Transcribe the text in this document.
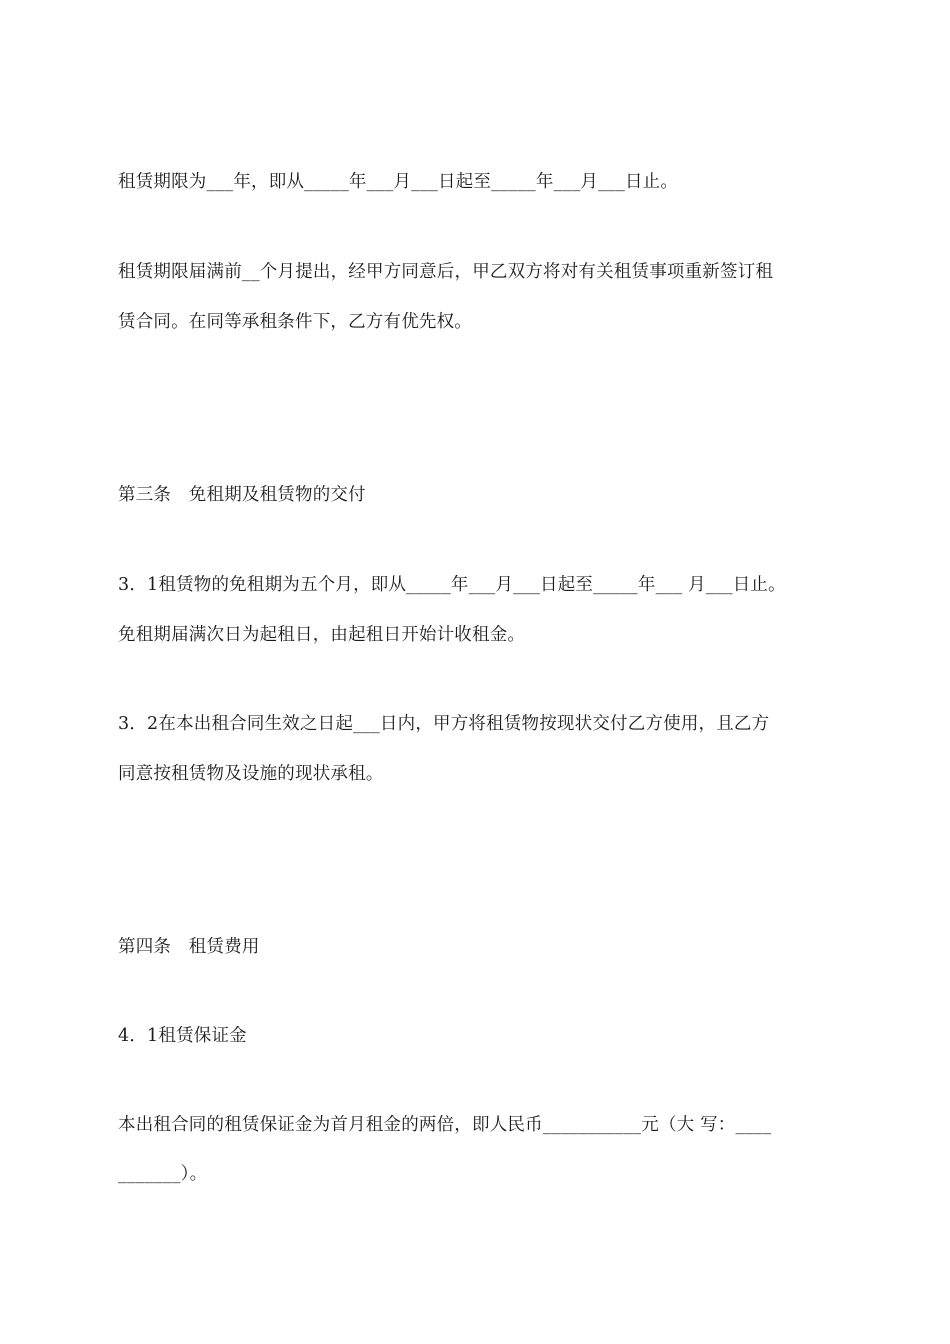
租赁期限为___年，即从_____年___月___日起至_____年___月___日止。
租赁期限届满前__个月提出，经甲方同意后，甲乙双方将对有关租赁事项重新签订租
赁合同。在同等承租条件下，乙方有优先权。
第三条　免租期及租赁物的交付
3．1租赁物的免租期为五个月，即从_____年___月___日起至_____年___ 月___日止。
免租期届满次日为起租日，由起租日开始计收租金。
3．2在本出租合同生效之日起___日内，甲方将租赁物按现状交付乙方使用，且乙方
同意按租赁物及设施的现状承租。
第四条　租赁费用
4．1租赁保证金
本出租合同的租赁保证金为首月租金的两倍，即人民币___________元（大 写：____
_______）。
